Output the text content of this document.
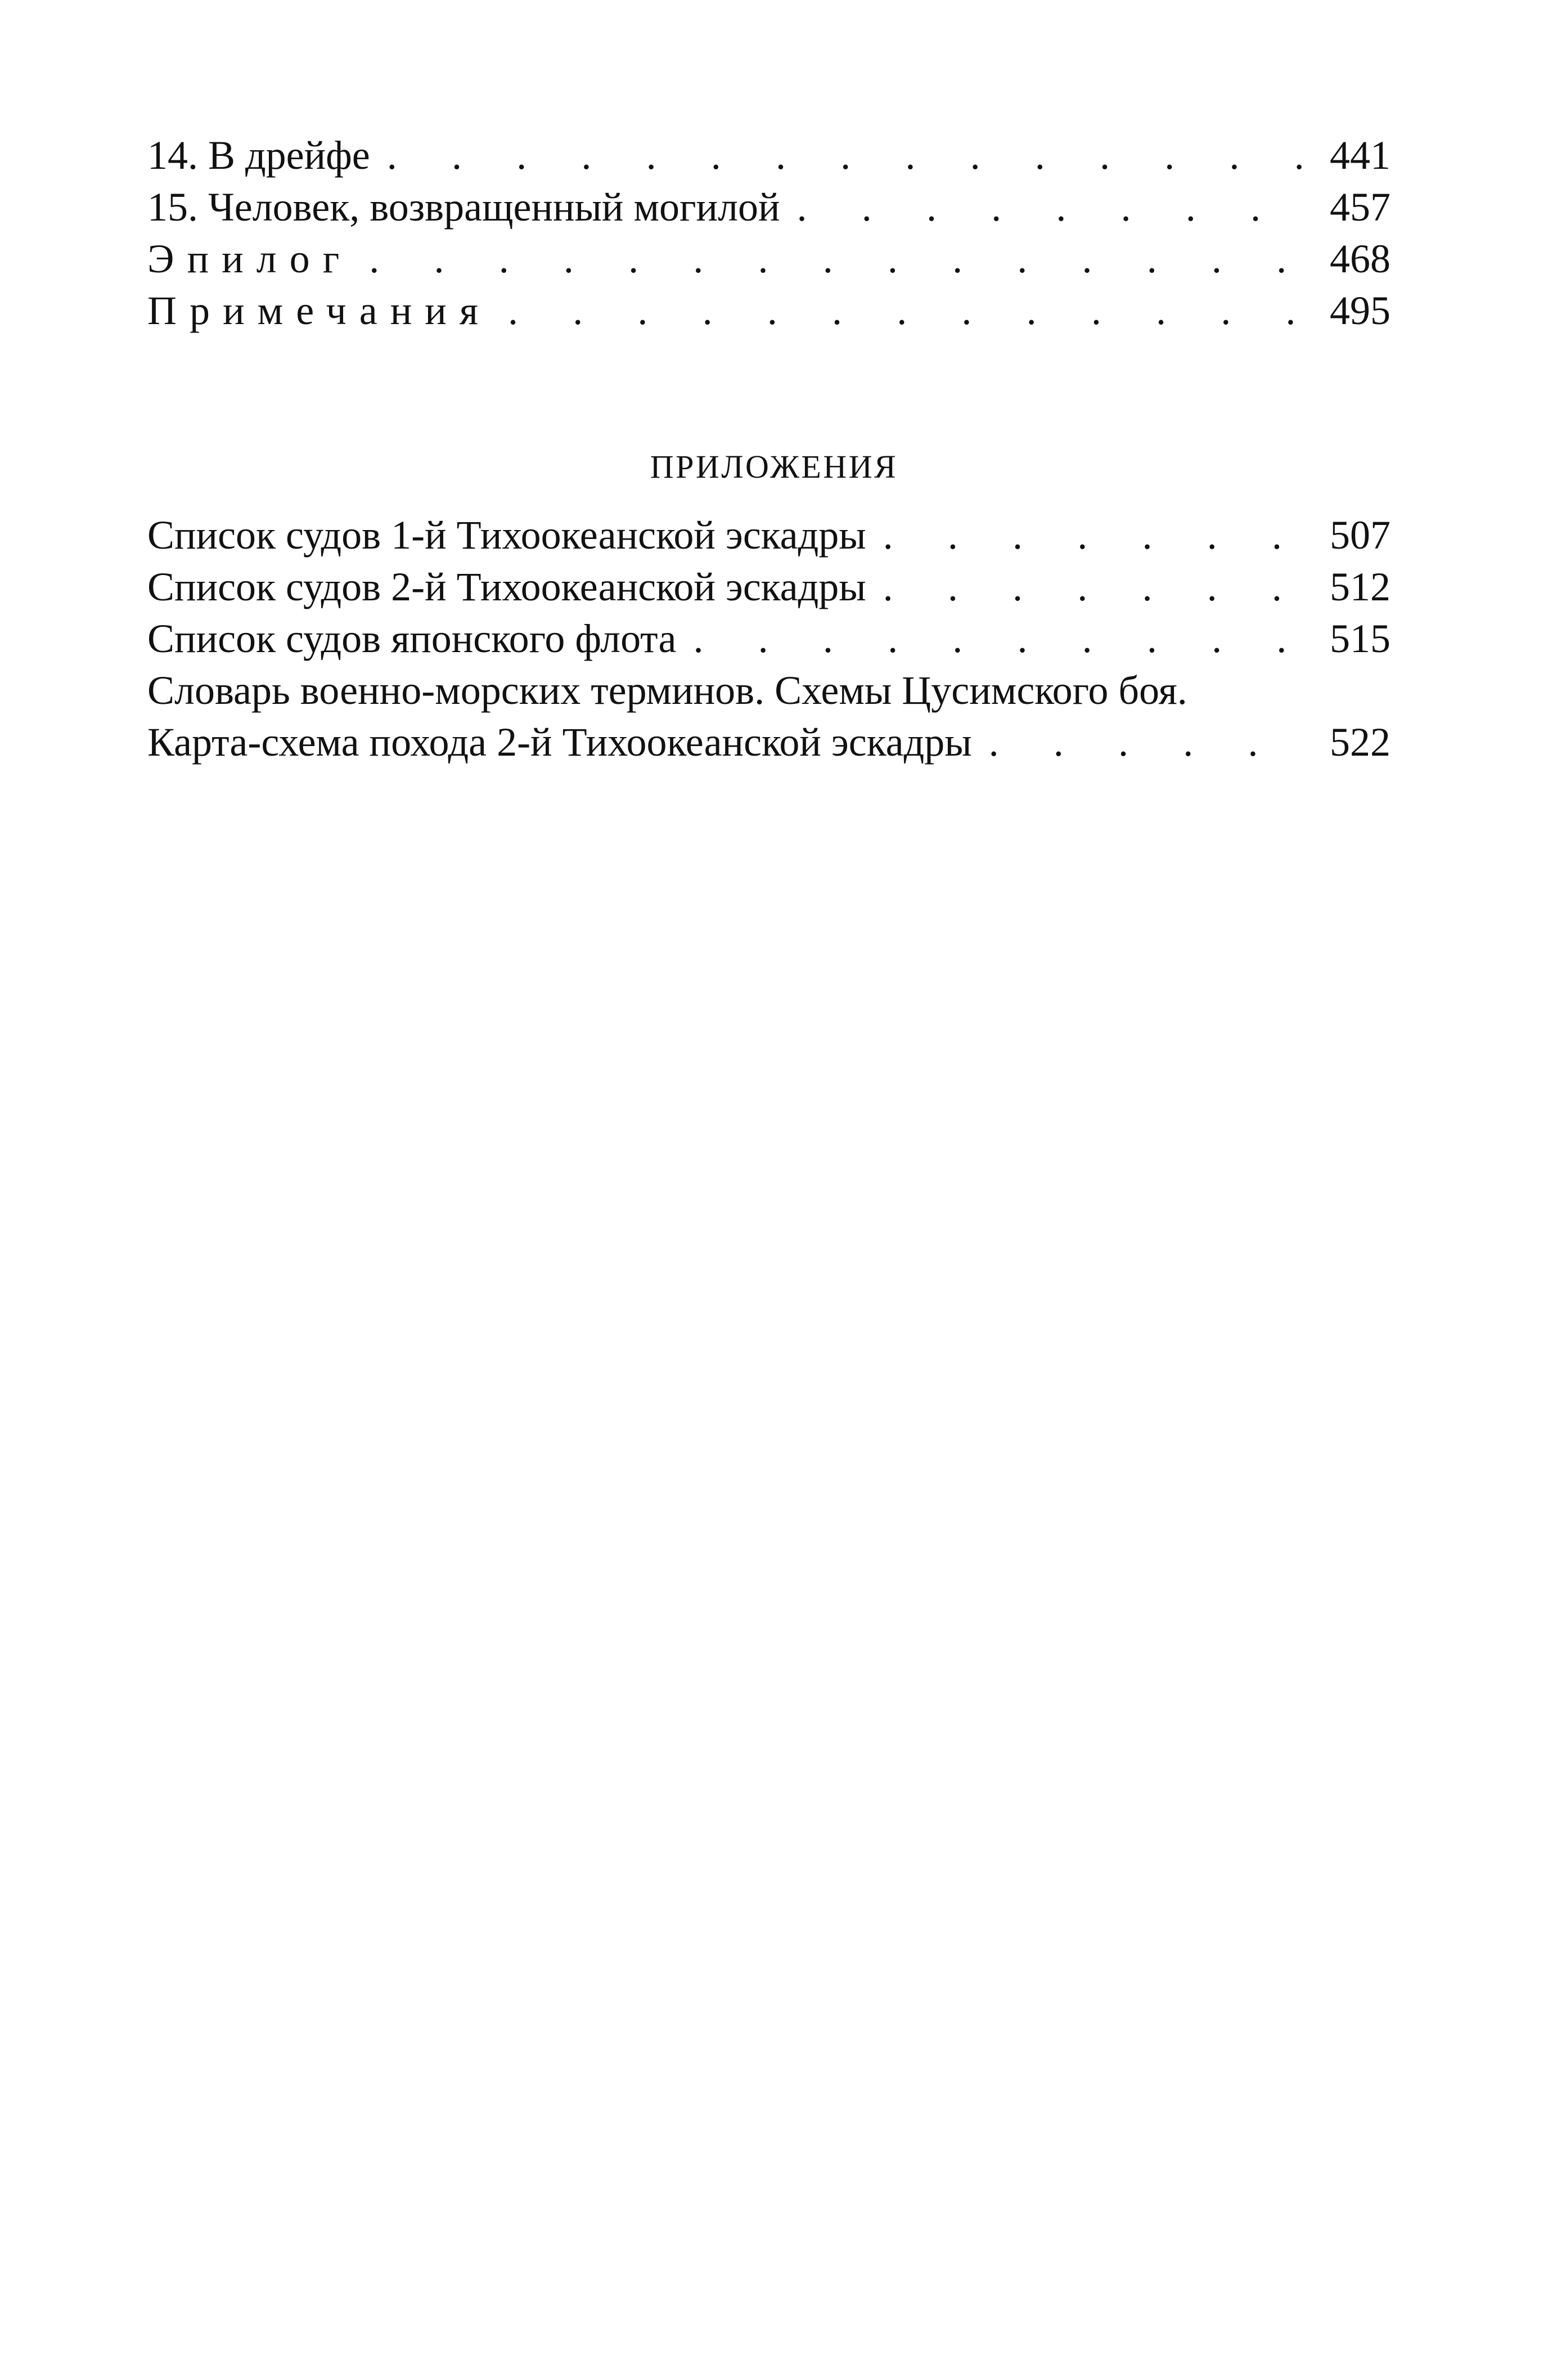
14. В дрейфе . . .	441
15. Человек, возвращенный могилой . . .	457
Эпилог . . .	468
Примечания . . .	495
ПРИЛОЖЕНИЯ
Список судов 1-й Тихоокеанской эскадры . . .	507
Список судов 2-й Тихоокеанской эскадры . . .	512
Список судов японского флота . . .	515
Словарь военно-морских терминов. Схемы Цусимского боя.
Карта-схема похода 2-й Тихоокеанской эскадры . . .	522
